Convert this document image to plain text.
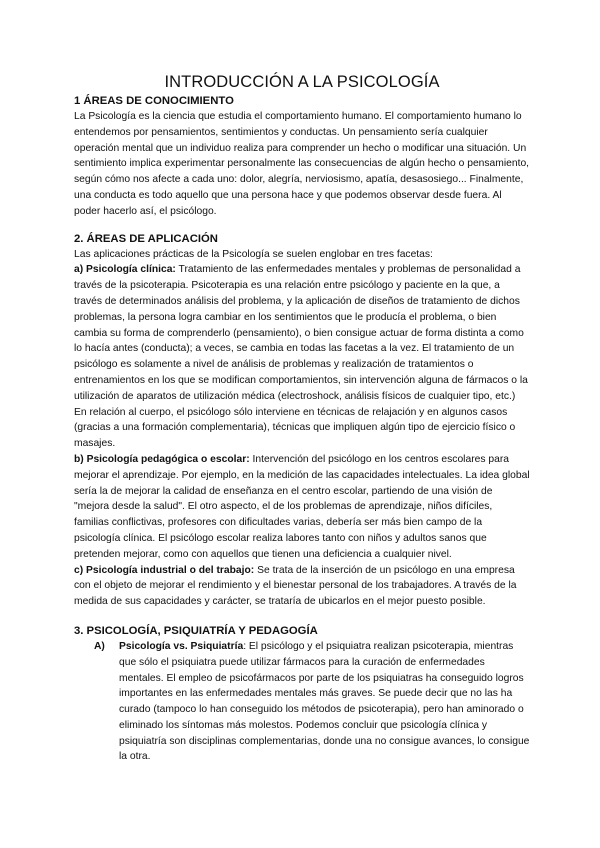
INTRODUCCIÓN A LA PSICOLOGÍA
1 ÁREAS DE CONOCIMIENTO

La Psicología es la ciencia que estudia el comportamiento humano. El comportamiento humano lo entendemos por pensamientos, sentimientos y conductas. Un pensamiento sería cualquier operación mental que un individuo realiza para comprender un hecho o modificar una situación. Un sentimiento implica experimentar personalmente las consecuencias de algún hecho o pensamiento, según cómo nos afecte a cada uno: dolor, alegría, nerviosismo, apatía, desasosiego... Finalmente, una conducta es todo aquello que una persona hace y que podemos observar desde fuera. Al poder hacerlo así, el psicólogo.

2. ÁREAS DE APLICACIÓN

Las aplicaciones prácticas de la Psicología se suelen englobar en tres facetas:

a) Psicología clínica: Tratamiento de las enfermedades mentales y problemas de personalidad a través de la psicoterapia. Psicoterapia es una relación entre psicólogo y paciente en la que, a través de determinados análisis del problema, y la aplicación de diseños de tratamiento de dichos problemas, la persona logra cambiar en los sentimientos que le producía el problema, o bien cambia su forma de comprenderlo (pensamiento), o bien consigue actuar de forma distinta a como lo hacía antes (conducta); a veces, se cambia en todas las facetas a la vez. El tratamiento de un psicólogo es solamente a nivel de análisis de problemas y realización de tratamientos o entrenamientos en los que se modifican comportamientos, sin intervención alguna de fármacos o la utilización de aparatos de utilización médica (electroshock, análisis físicos de cualquier tipo, etc.) En relación al cuerpo, el psicólogo sólo interviene en técnicas de relajación y en algunos casos (gracias a una formación complementaria), técnicas que impliquen algún tipo de ejercicio físico o masajes.

b) Psicología pedagógica o escolar: Intervención del psicólogo en los centros escolares para mejorar el aprendizaje. Por ejemplo, en la medición de las capacidades intelectuales. La idea global sería la de mejorar la calidad de enseñanza en el centro escolar, partiendo de una visión de "mejora desde la salud". El otro aspecto, el de los problemas de aprendizaje, niños difíciles, familias conflictivas, profesores con dificultades varias, debería ser más bien campo de la psicología clínica. El psicólogo escolar realiza labores tanto con niños y adultos sanos que pretenden mejorar, como con aquellos que tienen una deficiencia a cualquier nivel.

c) Psicología industrial o del trabajo: Se trata de la inserción de un psicólogo en una empresa con el objeto de mejorar el rendimiento y el bienestar personal de los trabajadores. A través de la medida de sus capacidades y carácter, se trataría de ubicarlos en el mejor puesto posible.

3. PSICOLOGÍA, PSIQUIATRÍA Y PEDAGOGÍA
A)	Psicología vs. Psiquiatría: El psicólogo y el psiquiatra realizan psicoterapia, mientras que sólo el psiquiatra puede utilizar fármacos para la curación de enfermedades mentales. El empleo de psicofármacos por parte de los psiquiatras ha conseguido logros importantes en las enfermedades mentales más graves. Se puede decir que no las ha curado (tampoco lo han conseguido los métodos de psicoterapia), pero han aminorado o eliminado los síntomas más molestos. Podemos concluir que psicología clínica y psiquiatría son disciplinas complementarias, donde una no consigue avances, lo consigue la otra.
